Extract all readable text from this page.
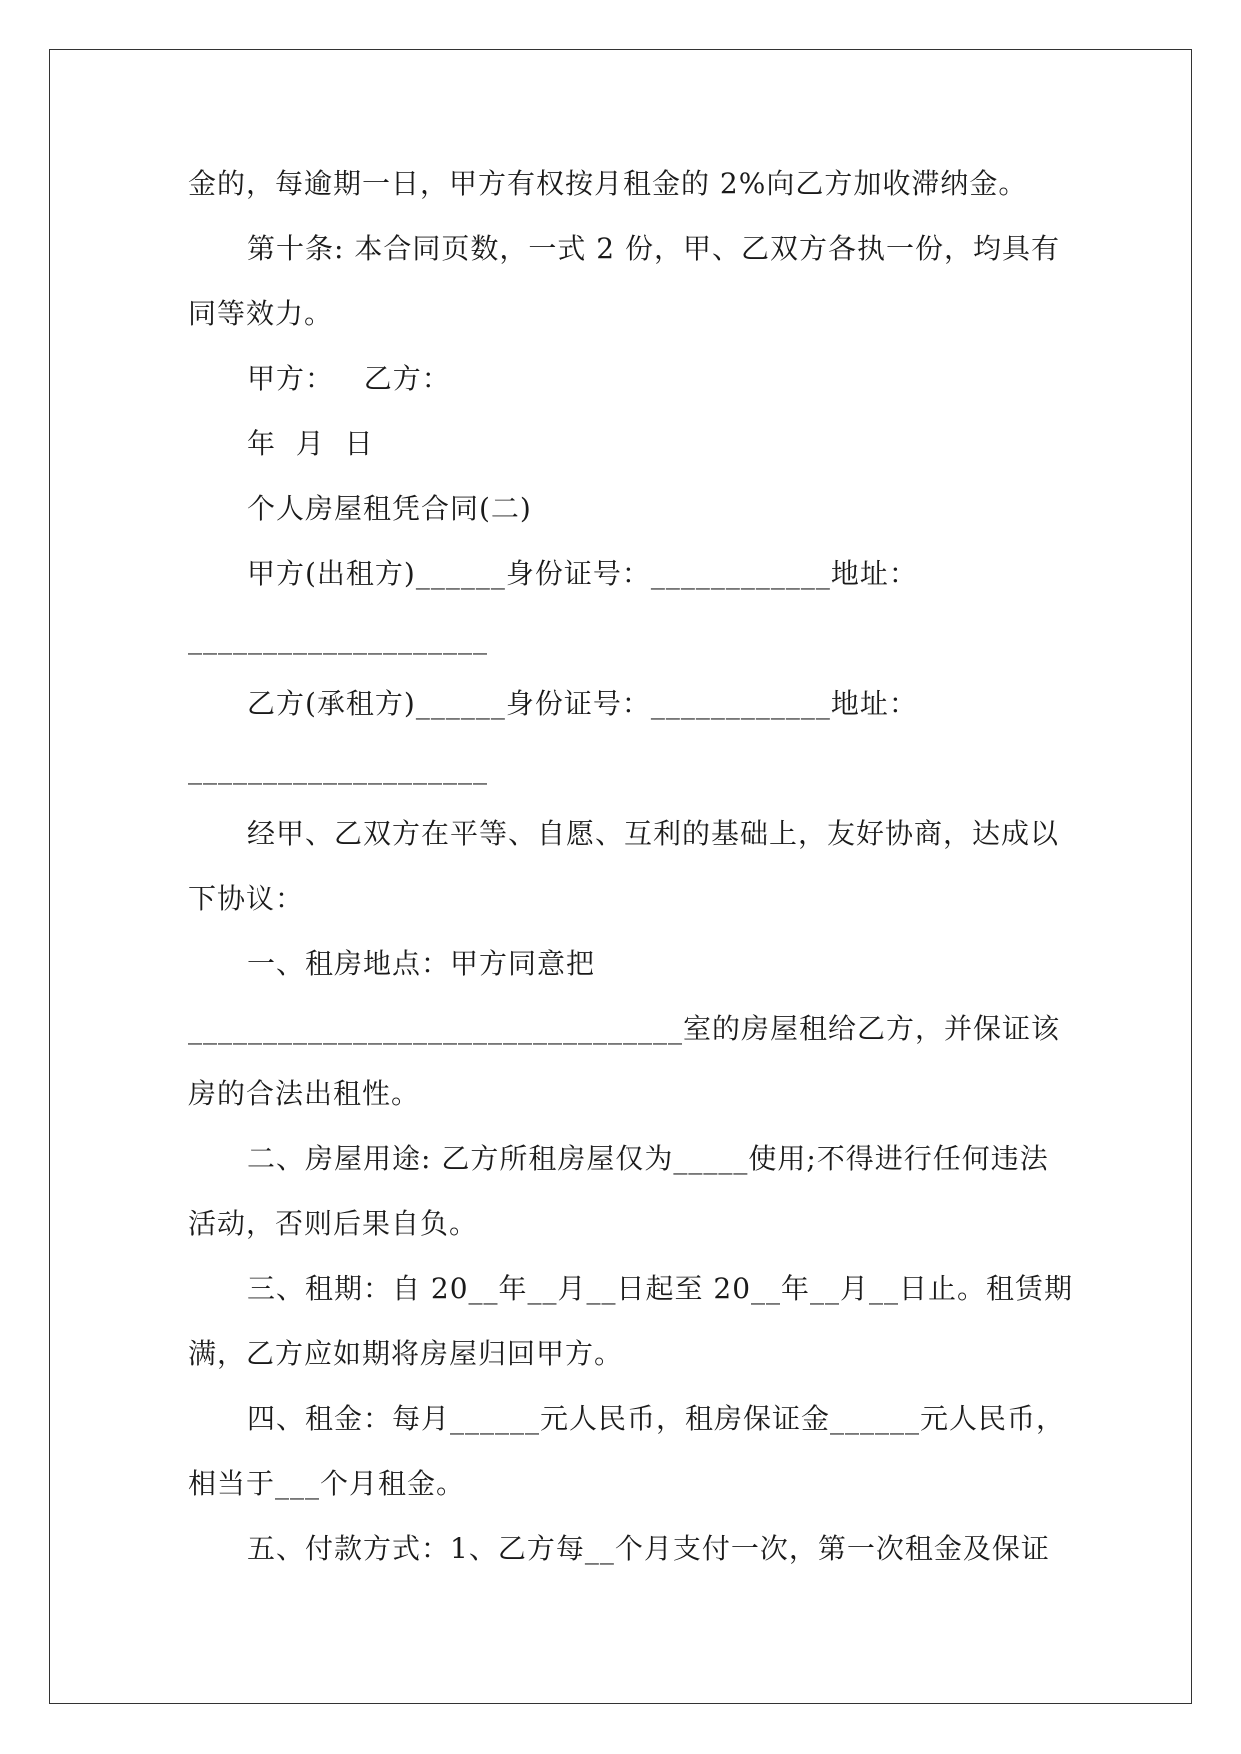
金的，每逾期一日，甲方有权按月租金的 2%向乙方加收滞纳金。
第十条: 本合同页数，一式 2 份，甲、乙双方各执一份，均具有
同等效力。
甲方：   乙方：
年  月  日
个人房屋租凭合同(二)
甲方(出租方)______身份证号：____________地址：
____________________
乙方(承租方)______身份证号：____________地址：
____________________
经甲、乙双方在平等、自愿、互利的基础上，友好协商，达成以
下协议：
一、租房地点：甲方同意把
_________________________________室的房屋租给乙方，并保证该
房的合法出租性。
二、房屋用途: 乙方所租房屋仅为_____使用;不得进行任何违法
活动，否则后果自负。
三、租期：自 20__年__月__日起至 20__年__月__日止。租赁期
满，乙方应如期将房屋归回甲方。
四、租金：每月______元人民币，租房保证金______元人民币，
相当于___个月租金。
五、付款方式：1、乙方每__个月支付一次，第一次租金及保证
